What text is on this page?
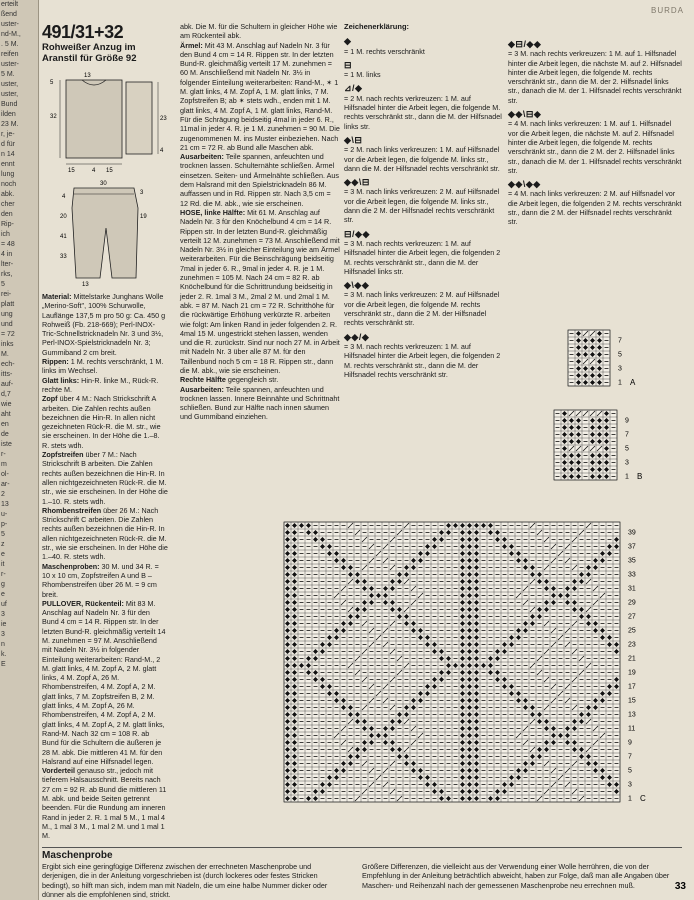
erteilt
ßend
uster-
nd-M.,
. 5 M.
reifen
uster-
5 M.
uster,
uster,
Bund
ilden
23 M.
r, je-
d für
n 14
ennt
lung
noch
abk.
cher
den
Rip-
ich
= 48
4 in
lter-
rks,
5
rei-
platt
ung
und
= 72
inks
M.
ech-
itts-
auf-
d,7
wie
aht
en
de
iste
r-
m
ol-
ar-
2
13
u-
p-
5
z
e
it
r-
g
e
uf
3
ie
3
n
k.
E
BURDA
491/31+32
Rohweißer Anzug im Aranstil für Größe 92
13
32
5
23
4
15	4 15
30
3
19
4
20
41
33
13

Material: Mittelstarke Junghans Wolle „Merino-Soft", 100% Schurwolle, Lauflänge 137,5 m pro 50 g: Ca. 450 g Rohweiß (Fb. 218-669); Perl-INOX-Tric-Schnellstricknadeln Nr. 3 und 3½, Perl-INOX-Spielstricknadeln Nr. 3; Gummiband 2 cm breit.

Rippen: 1 M. rechts verschränkt, 1 M. links im Wechsel.

Glatt links: Hin-R. linke M., Rück-R. rechte M.

Zopf über 4 M.: Nach Strickschrift A arbeiten. Die Zahlen rechts außen bezeichnen die Hin-R. In allen nicht gezeichneten Rück-R. die M. str., wie sie erscheinen. In der Höhe die 1.–8. R. stets wdh.

Zopfstreifen über 7 M.: Nach Strickschrift B arbeiten. Die Zahlen rechts außen bezeichnen die Hin-R. In allen nichtgezeichneten Rück-R. die M. str., wie sie erscheinen. In der Höhe die 1.–10. R. stets wdh.

Rhombenstreifen über 26 M.: Nach Strickschrift C arbeiten. Die Zahlen rechts außen bezeichnen die Hin-R. In allen nichtgezeichneten Rück-R. die M. str., wie sie erscheinen. In der Höhe die 1.–40. R. stets wdh.

Maschenproben: 30 M. und 34 R. = 10 x 10 cm, Zopfstreifen A und B – Rhombenstreifen über 26 M. = 9 cm breit.

PULLOVER, Rückenteil: Mit 83 M. Anschlag auf Nadeln Nr. 3 für den Bund 4 cm = 14 R. Rippen str. In der letzten Bund-R. gleichmäßig verteilt 14 M. zunehmen = 97 M. Anschließend mit Nadeln Nr. 3½ in folgender Einteilung weiterarbeiten: Rand-M., 2 M. glatt links, 4 M. Zopf A, 2 M. glatt links, 4 M. Zopf A, 26 M. Rhombenstreifen, 4 M. Zopf A, 2 M. glatt links, 7 M. Zopfstreifen B, 2 M. glatt links, 4 M. Zopf A, 26 M. Rhombenstreifen, 4 M. Zopf A, 2 M. glatt links, 4 M. Zopf A, 2 M. glatt links, Rand-M. Nach 32 cm = 108 R. ab Bund für die Schultern die äußeren je 28 M. abk. Die mittleren 41 M. für den Halsrand auf eine Hilfsnadel legen.

Vorderteil genauso str., jedoch mit tieferem Halsausschnitt. Bereits nach 27 cm = 92 R. ab Bund die mittleren 11 M. abk. und beide Seiten getrennt beenden. Für die Rundung am inneren Rand in jeder 2. R. 1 mal 5 M., 1 mal 4 M., 1 mal 3 M., 1 mal 2 M. und 1 mal 1 M.

abk. Die M. für die Schultern in gleicher Höhe wie am Rückenteil abk.

Ärmel: Mit 43 M. Anschlag auf Nadeln Nr. 3 für den Bund 4 cm = 14 R. Rippen str. In der letzten Bund-R. gleichmäßig verteilt 17 M. zunehmen = 60 M. Anschließend mit Nadeln Nr. 3½ in folgender Einteilung weiterarbeiten: Rand-M., ✶ 1 M. glatt links, 4 M. Zopf A, 1 M. glatt links, 7 M. Zopfstreifen B; ab ✶ stets wdh., enden mit 1 M. glatt links, 4 M. Zopf A, 1 M. glatt links, Rand-M. Für die Schrägung beidseitig 4mal in jeder 6. R., 11mal in jeder 4. R. je 1 M. zunehmen = 90 M. Die zugenommenen M. ins Muster einbeziehen. Nach 21 cm = 72 R. ab Bund alle Maschen abk.

Ausarbeiten: Teile spannen, anfeuchten und trocknen lassen. Schulternähte schließen. Ärmel einsetzen. Seiten- und Ärmelnähte schließen. Aus dem Halsrand mit den Spielstricknadeln 86 M. auffassen und in Rd. Rippen str. Nach 3,5 cm = 12 Rd. die M. abk., wie sie erscheinen.

HOSE, linke Hälfte: Mit 61 M. Anschlag auf Nadeln Nr. 3 für den Knöchelbund 4 cm = 14 R. Rippen str. In der letzten Bund-R. gleichmäßig verteilt 12 M. zunehmen = 73 M. Anschließend mit Nadeln Nr. 3½ in gleicher Einteilung wie am Ärmel weiterarbeiten. Für die Beinschrägung beidseitig 7mal in jeder 6. R., 9mal in jeder 4. R. je 1 M. zunehmen = 105 M. Nach 24 cm = 82 R. ab Knöchelbund für die Schrittrundung beidseitig in jeder 2. R. 1mal 3 M., 2mal 2 M. und 2mal 1 M. abk. = 87 M. Nach 21 cm = 72 R. Schritthöhe für die rückwärtige Erhöhung verkürzte R. arbeiten wie folgt: Am linken Rand in jeder folgenden 2. R. 4mal 15 M. ungestrickt stehen lassen, wenden und die R. zurückstr. Sind nur noch 27 M. in Arbeit mit Nadeln Nr. 3 über alle 87 M. für den Taillenbund noch 5 cm = 18 R. Rippen str., dann die M. abk., wie sie erscheinen.

Rechte Hälfte gegengleich str.

Ausarbeiten: Teile spannen, anfeuchten und trocknen lassen. Innere Beinnähte und Schrittnaht schließen. Bund zur Hälfte nach innen säumen und Gummiband einziehen.

Zeichenerklärung:
◆
= 1 M. rechts verschränkt
⊟
= 1 M. links
⊿/◆
= 2 M. nach rechts verkreuzen: 1 M. auf Hilfsnadel hinter die Arbeit legen, die folgende M. rechts verschränkt str., dann die M. der Hilfsnadel links str.
◆\⊟
= 2 M. nach links verkreuzen: 1 M. auf Hilfsnadel vor die Arbeit legen, die folgende M. links str., dann die M. der Hilfsnadel rechts verschränkt str.
◆◆\⊟
= 3 M. nach links verkreuzen: 2 M. auf Hilfsnadel vor die Arbeit legen, die folgende M. links str., dann die 2 M. der Hilfsnadel rechts verschränkt str.
⊟/◆◆
= 3 M. nach rechts verkreuzen: 1 M. auf Hilfsnadel hinter die Arbeit legen, die folgenden 2 M. rechts verschränkt str., dann die M. der Hilfsnadel links str.
◆\◆◆
= 3 M. nach links verkreuzen: 2 M. auf Hilfsnadel vor die Arbeit legen, die folgende M. rechts verschränkt str., dann die 2 M. der Hilfsnadel rechts verschränkt str.
◆◆/◆
= 3 M. nach rechts verkreuzen: 1 M. auf Hilfsnadel hinter die Arbeit legen, die folgenden 2 M. rechts verschränkt str., dann die M. der Hilfsnadel rechts verschränkt str.
◆⊟/◆◆
= 3 M. nach rechts verkreuzen: 1 M. auf 1. Hilfsnadel hinter die Arbeit legen, die nächste M. auf 2. Hilfsnadel hinter die Arbeit legen, die folgende M. rechts verschränkt str., dann die M. der 2. Hilfsnadel links str., danach die M. der 1. Hilfsnadel rechts verschränkt str.
◆◆\⊟◆
= 4 M. nach links verkreuzen: 1 M. auf 1. Hilfsnadel vor die Arbeit legen, die nächste M. auf 2. Hilfsnadel hinter die Arbeit legen, die folgende M. rechts verschränkt str., dann die 2 M. der 2. Hilfsnadel links str., danach die M. der 1. Hilfsnadel rechts verschränkt str.
◆◆\◆◆
= 4 M. nach links verkreuzen: 2 M. auf Hilfsnadel vor die Arbeit legen, die folgenden 2 M. rechts verschränkt str., dann die 2 M. der Hilfsnadel rechts verschränkt str.
7
5
3
1 A
9
7
5
3
1 B
39
37
35
33
31
29
27
25
23
21
19
17
15
13
11
9
7
5
3
1 C
Maschenprobe
Ergibt sich eine geringfügige Differenz zwischen der errechneten Maschenprobe und derjenigen, die in der Anleitung vorgeschrieben ist (durch lockeres oder festes Stricken bedingt), so hilft man sich, indem man mit Nadeln, die um eine halbe Nummer dicker oder dünner als die empfohlenen sind, strickt.
Größere Differenzen, die vielleicht aus der Verwendung einer Wolle herrühren, die von der Empfehlung in der Anleitung beträchtlich abweicht, haben zur Folge, daß man alle Angaben über Maschen- und Reihenzahl nach der gemessenen Maschenprobe neu errechnen muß.	33
